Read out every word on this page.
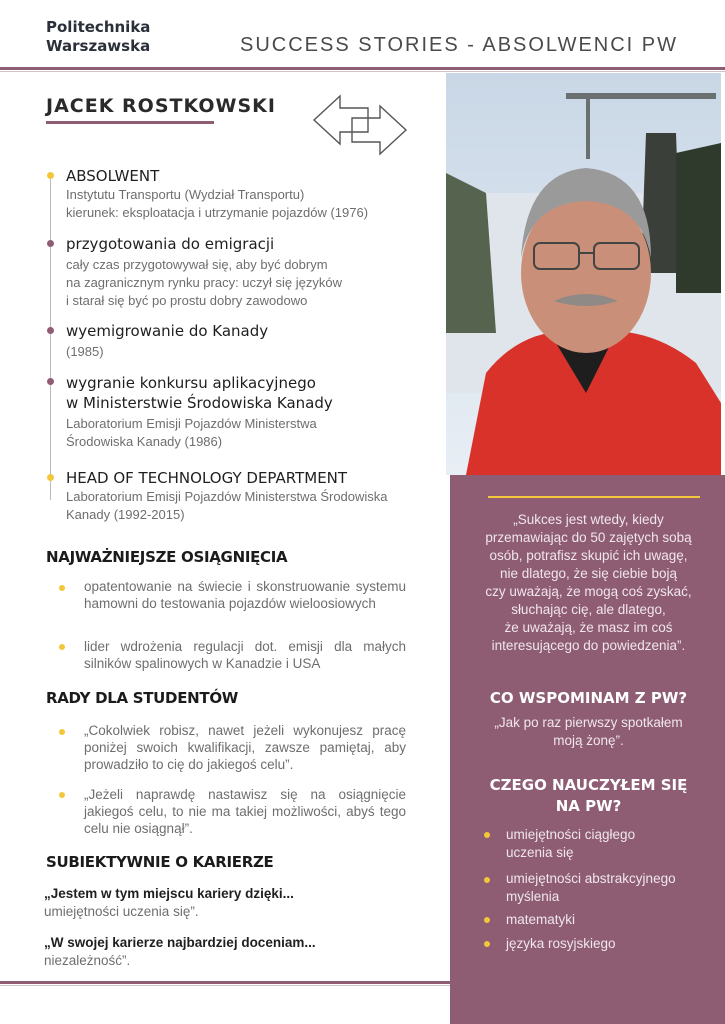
Politechnika
Warszawska	SUCCESS STORIES - ABSOLWENCI PW
JACEK ROSTKOWSKI
ABSOLWENT
Instytutu Transportu (Wydział Transportu)
kierunek: eksploatacja i utrzymanie pojazdów (1976)
przygotowania do emigracji
cały czas przygotowywał się, aby być dobrym
na zagranicznym rynku pracy: uczył się języków
i starał się być po prostu dobry zawodowo
wyemigrowanie do Kanady
(1985)
wygranie konkursu aplikacyjnego
w Ministerstwie Środowiska Kanady
Laboratorium Emisji Pojazdów Ministerstwa
Środowiska Kanady (1986)
HEAD OF TECHNOLOGY DEPARTMENT
Laboratorium Emisji Pojazdów Ministerstwa Środowiska
Kanady (1992-2015)
NAJWAŻNIEJSZE OSIĄGNIĘCIA
opatentowanie na świecie i skonstruowanie systemu hamowni do testowania pojazdów wieloosiowych
lider wdrożenia regulacji dot. emisji dla małych silników spalinowych w Kanadzie i USA
RADY DLA STUDENTÓW
„Cokolwiek robisz, nawet jeżeli wykonujesz pracę poniżej swoich kwalifikacji, zawsze pamiętaj, aby prowadziło to cię do jakiegoś celu”.
„Jeżeli naprawdę nastawisz się na osiągnięcie jakiegoś celu, to nie ma takiej możliwości, abyś tego celu nie osiągnął”.
SUBIEKTYWNIE O KARIERZE
„Jestem w tym miejscu kariery dzięki...
umiejętności uczenia się”.
„W swojej karierze najbardziej doceniam...
niezależność”.
„Sukces jest wtedy, kiedy
przemawiając do 50 zajętych sobą
osób, potrafisz skupić ich uwagę,
nie dlatego, że się ciebie boją
czy uważają, że mogą coś zyskać,
słuchając cię, ale dlatego,
że uważają, że masz im coś
interesującego do powiedzenia”.
CO WSPOMINAM Z PW?
„Jak po raz pierwszy spotkałem
moją żonę”.
CZEGO NAUCZYŁEM SIĘ
NA PW?
umiejętności ciągłego
uczenia się
umiejętności abstrakcyjnego
myślenia
matematyki
języka rosyjskiego
